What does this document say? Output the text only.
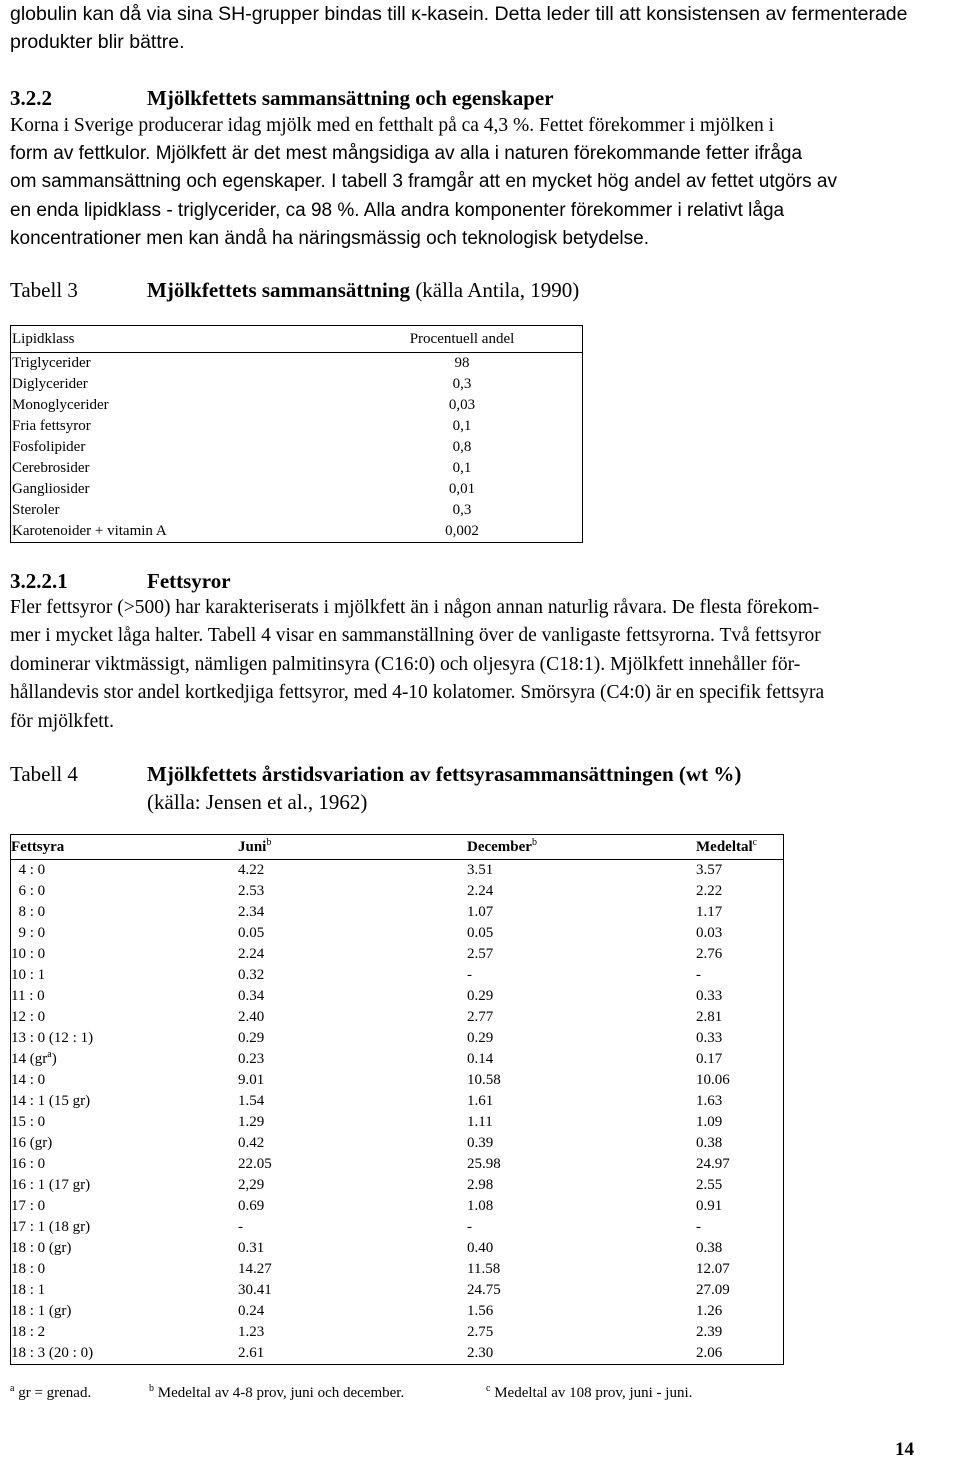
globulin kan då via sina SH-grupper bindas till κ-kasein. Detta leder till att konsistensen av fermenterade produkter blir bättre.

3.2.2	Mjölkfettets sammansättning och egenskaper
Korna i Sverige producerar idag mjölk med en fetthalt på ca 4,3 %. Fettet förekommer i mjölken i
form av fettkulor. Mjölkfett är det mest mångsidiga av alla i naturen förekommande fetter ifråga
om sammansättning och egenskaper. I tabell 3 framgår att en mycket hög andel av fettet utgörs av
en enda lipidklass - triglycerider, ca 98 %. Alla andra komponenter förekommer i relativt låga
koncentrationer men kan ändå ha näringsmässig och teknologisk betydelse.
Tabell 3	Mjölkfettets sammansättning (källa Antila, 1990)
Lipidklass	Procentuell andel
Triglycerider	98
Diglycerider	0,3
Monoglycerider	0,03
Fria fettsyror	0,1
Fosfolipider	0,8
Cerebrosider	0,1
Gangliosider	0,01
Steroler	0,3
Karotenoider + vitamin A	0,002
3.2.2.1	Fettsyror
Fler fettsyror (>500) har karakteriserats i mjölkfett än i någon annan naturlig råvara. De flesta förekom-
mer i mycket låga halter. Tabell 4 visar en sammanställning över de vanligaste fettsyrorna. Två fettsyror
dominerar viktmässigt, nämligen palmitinsyra (C16:0) och oljesyra (C18:1). Mjölkfett innehåller för-
hållandevis stor andel kortkedjiga fettsyror, med 4-10 kolatomer. Smörsyra (C4:0) är en specifik fettsyra
för mjölkfett.
Tabell 4	Mjölkfettets årstidsvariation av fettsyrasammansättningen (wt %)
(källa: Jensen et al., 1962)
Fettsyra	Juni$^b$	December$^b$	Medeltal$^c$
4 : 0	4.22	3.51	3.57
6 : 0	2.53	2.24	2.22
8 : 0	2.34	1.07	1.17
9 : 0	0.05	0.05	0.03
10 : 0	2.24	2.57	2.76
10 : 1	0.32	-	-
11 : 0	0.34	0.29	0.33
12 : 0	2.40	2.77	2.81
13 : 0 (12 : 1)	0.29	0.29	0.33
14 $(gr^a)$	0.23	0.14	0.17
14 : 0	9.01	10.58	10.06
14 : 1 (15 gr)	1.54	1.61	1.63
15 : 0	1.29	1.11	1.09
16 (gr)	0.42	0.39	0.38
16 : 0	22.05	25.98	24.97
16 : 1 (17 gr)	2,29	2.98	2.55
17 : 0	0.69	1.08	0.91
17 : 1 (18 gr)	-	-	-
18 : 0 (gr)	0.31	0.40	0.38
18 : 0	14.27	11.58	12.07
18 : 1	30.41	24.75	27.09
18 : 1 (gr)	0.24	1.56	1.26
18 : 2	1.23	2.75	2.39
18 : 3 (20 : 0)	2.61	2.30	2.06
$^a$ gr = grenad.	$^b$ Medeltal av 4-8 prov, juni och december.	$^c$ Medeltal av 108 prov, juni - juni.
14
